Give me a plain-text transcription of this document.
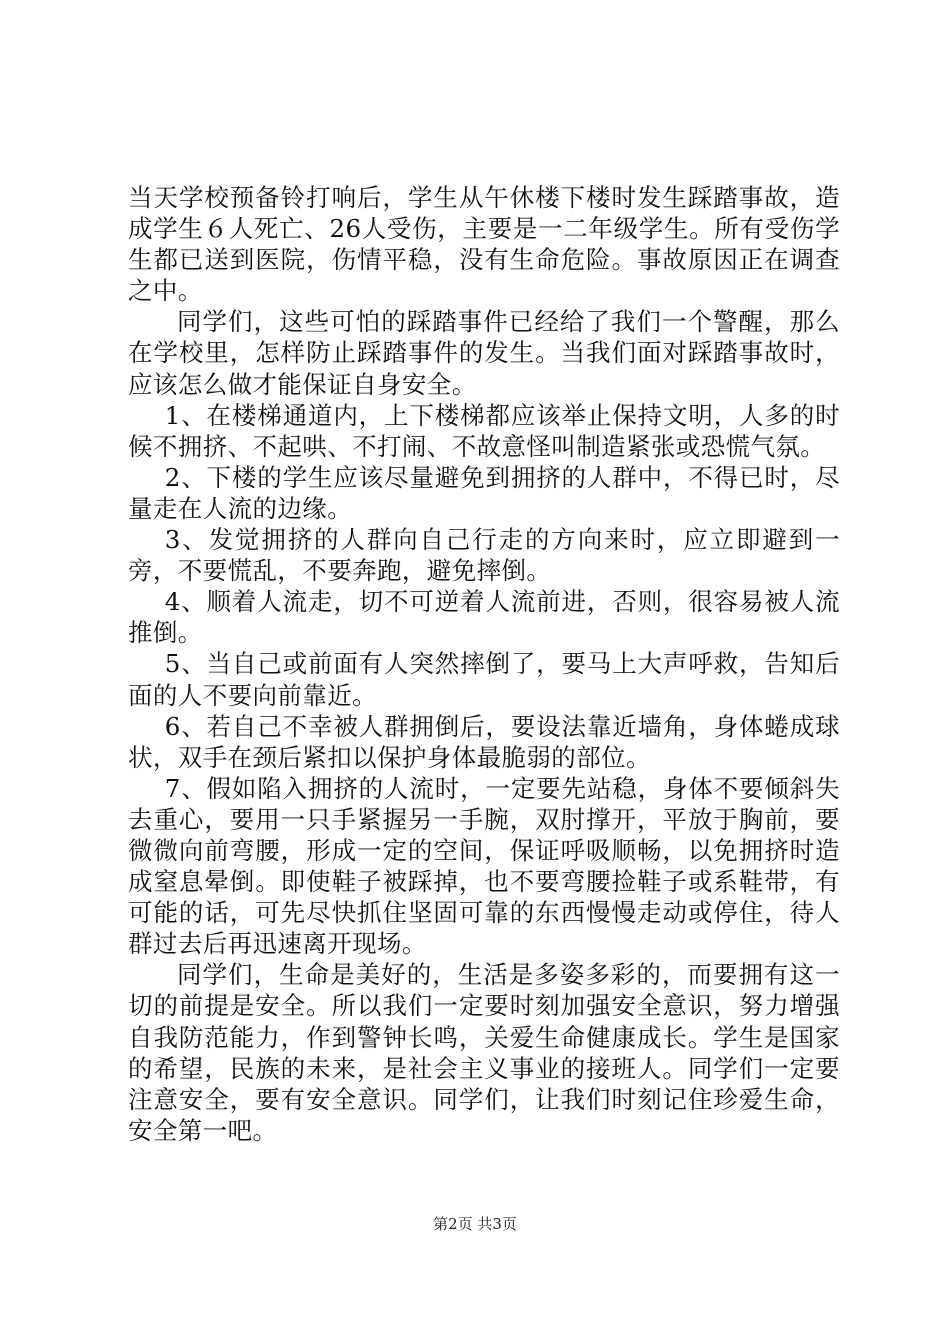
当天学校预备铃打响后，学生从午休楼下楼时发生踩踏事故，造成学生６人死亡、26人受伤，主要是一二年级学生。所有受伤学生都已送到医院，伤情平稳，没有生命危险。事故原因正在调查之中。

同学们，这些可怕的踩踏事件已经给了我们一个警醒，那么在学校里，怎样防止踩踏事件的发生。当我们面对踩踏事故时，应该怎么做才能保证自身安全。

1、在楼梯通道内，上下楼梯都应该举止保持文明，人多的时候不拥挤、不起哄、不打闹、不故意怪叫制造紧张或恐慌气氛。

2、下楼的学生应该尽量避免到拥挤的人群中，不得已时，尽量走在人流的边缘。

3、发觉拥挤的人群向自己行走的方向来时，应立即避到一旁，不要慌乱，不要奔跑，避免摔倒。

4、顺着人流走，切不可逆着人流前进，否则，很容易被人流推倒。

5、当自己或前面有人突然摔倒了，要马上大声呼救，告知后面的人不要向前靠近。

6、若自己不幸被人群拥倒后，要设法靠近墙角，身体蜷成球状，双手在颈后紧扣以保护身体最脆弱的部位。

7、假如陷入拥挤的人流时，一定要先站稳，身体不要倾斜失去重心，要用一只手紧握另一手腕，双肘撑开，平放于胸前，要微微向前弯腰，形成一定的空间，保证呼吸顺畅，以免拥挤时造成窒息晕倒。即使鞋子被踩掉，也不要弯腰捡鞋子或系鞋带，有可能的话，可先尽快抓住坚固可靠的东西慢慢走动或停住，待人群过去后再迅速离开现场。

同学们，生命是美好的，生活是多姿多彩的，而要拥有这一切的前提是安全。所以我们一定要时刻加强安全意识，努力增强自我防范能力，作到警钟长鸣，关爱生命健康成长。学生是国家的希望，民族的未来，是社会主义事业的接班人。同学们一定要注意安全，要有安全意识。同学们，让我们时刻记住珍爱生命，安全第一吧。

第2页 共3页
